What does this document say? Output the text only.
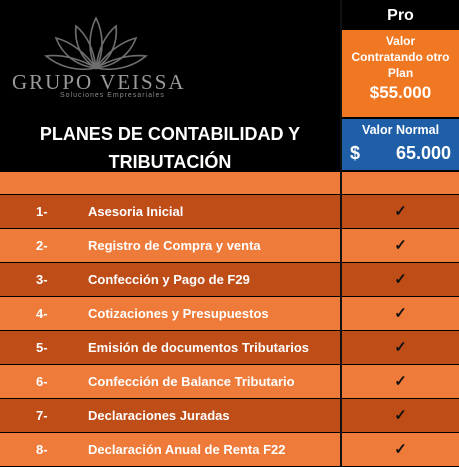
GRUPO VEISSA
Soluciones Empresariales
PLANES DE CONTABILIDAD Y
TRIBUTACIÓN
Pro
Valor
Contratando otro
Plan
$55.000
Valor Normal
$ 65.000
1-	Asesoria Inicial	✓
2-	Registro de Compra y venta	✓
3-	Confección y Pago de F29	✓
4-	Cotizaciones y Presupuestos	✓
5-	Emisión de documentos Tributarios	✓
6-	Confección de Balance Tributario	✓
7-	Declaraciones Juradas	✓
8-	Declaración Anual de Renta F22	✓
